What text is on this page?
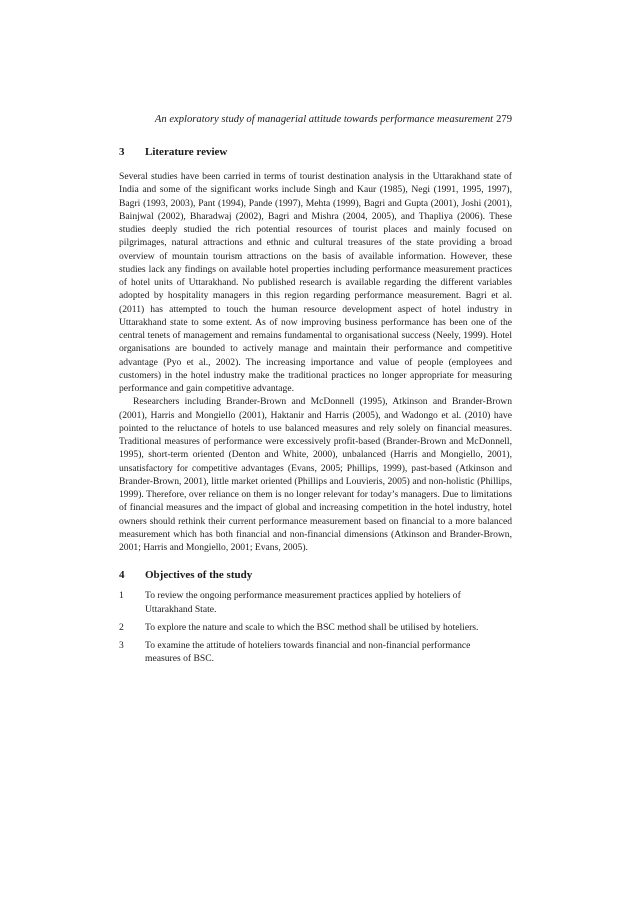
An exploratory study of managerial attitude towards performance measurement 279

3	Literature review

Several studies have been carried in terms of tourist destination analysis in the Uttarakhand state of India and some of the significant works include Singh and Kaur (1985), Negi (1991, 1995, 1997), Bagri (1993, 2003), Pant (1994), Pande (1997), Mehta (1999), Bagri and Gupta (2001), Joshi (2001), Bainjwal (2002), Bharadwaj (2002), Bagri and Mishra (2004, 2005), and Thapliya (2006). These studies deeply studied the rich potential resources of tourist places and mainly focused on pilgrimages, natural attractions and ethnic and cultural treasures of the state providing a broad overview of mountain tourism attractions on the basis of available information. However, these studies lack any findings on available hotel properties including performance measurement practices of hotel units of Uttarakhand. No published research is available regarding the different variables adopted by hospitality managers in this region regarding performance measurement. Bagri et al. (2011) has attempted to touch the human resource development aspect of hotel industry in Uttarakhand state to some extent. As of now improving business performance has been one of the central tenets of management and remains fundamental to organisational success (Neely, 1999). Hotel organisations are bounded to actively manage and maintain their performance and competitive advantage (Pyo et al., 2002). The increasing importance and value of people (employees and customers) in the hotel industry make the traditional practices no longer appropriate for measuring performance and gain competitive advantage.

Researchers including Brander-Brown and McDonnell (1995), Atkinson and Brander-Brown (2001), Harris and Mongiello (2001), Haktanir and Harris (2005), and Wadongo et al. (2010) have pointed to the reluctance of hotels to use balanced measures and rely solely on financial measures. Traditional measures of performance were excessively profit-based (Brander-Brown and McDonnell, 1995), short-term oriented (Denton and White, 2000), unbalanced (Harris and Mongiello, 2001), unsatisfactory for competitive advantages (Evans, 2005; Phillips, 1999), past-based (Atkinson and Brander-Brown, 2001), little market oriented (Phillips and Louvieris, 2005) and non-holistic (Phillips, 1999). Therefore, over reliance on them is no longer relevant for today’s managers. Due to limitations of financial measures and the impact of global and increasing competition in the hotel industry, hotel owners should rethink their current performance measurement based on financial to a more balanced measurement which has both financial and non-financial dimensions (Atkinson and Brander-Brown, 2001; Harris and Mongiello, 2001; Evans, 2005).

4	Objectives of the study
1	To review the ongoing performance measurement practices applied by hoteliers of Uttarakhand State.
2	To explore the nature and scale to which the BSC method shall be utilised by hoteliers.
3	To examine the attitude of hoteliers towards financial and non-financial performance measures of BSC.
